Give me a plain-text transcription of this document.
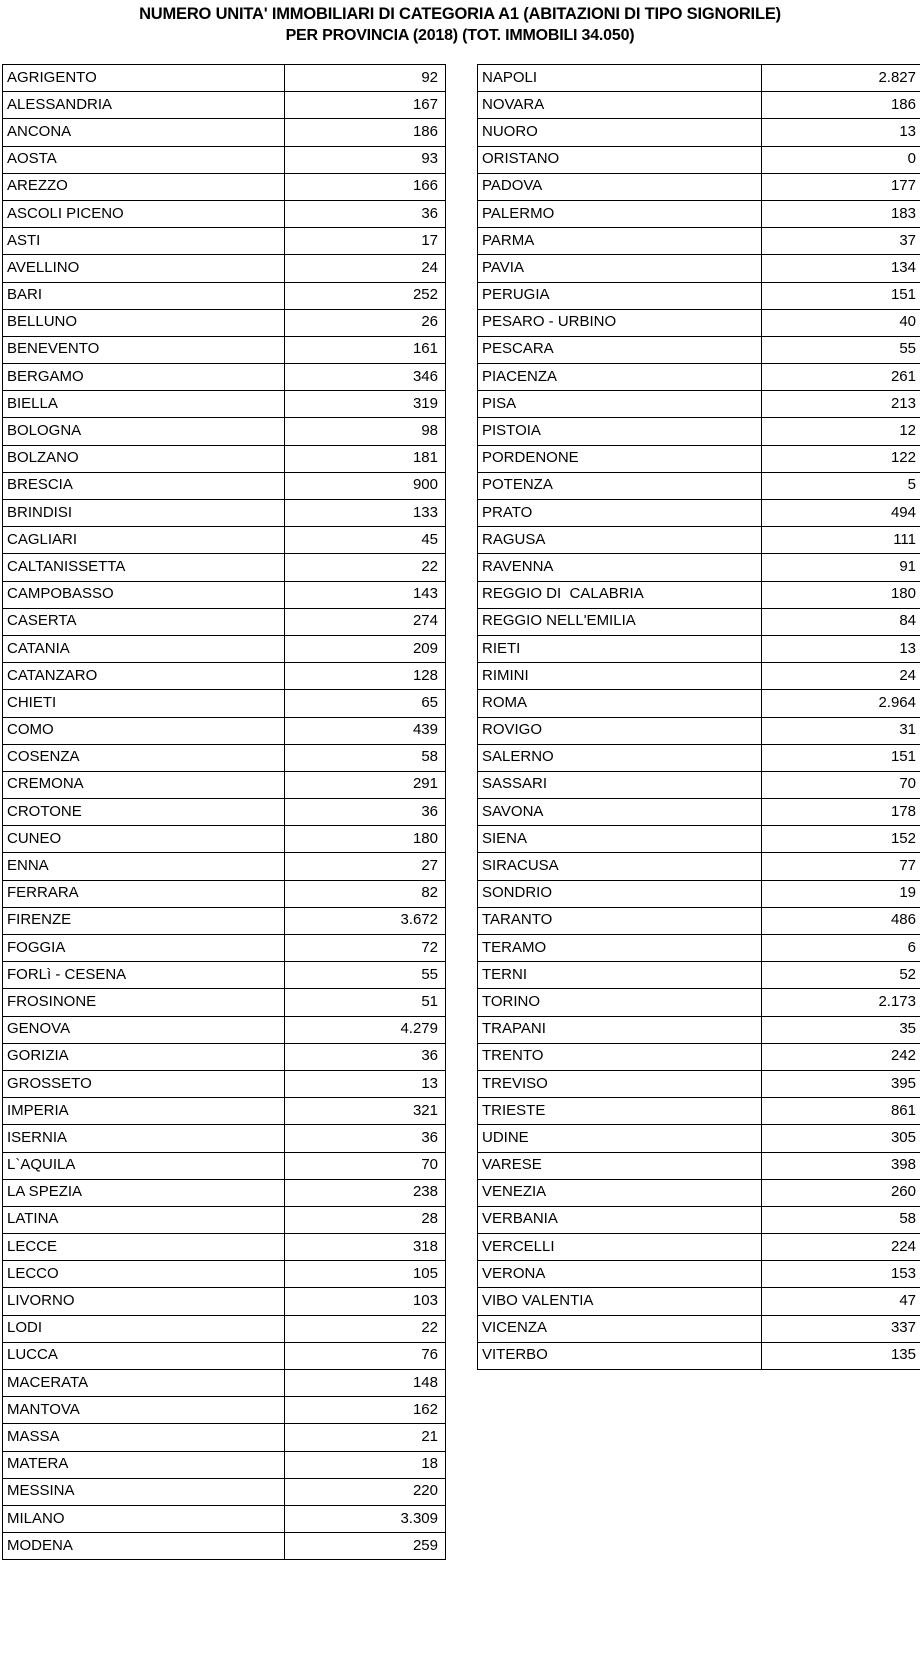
NUMERO UNITA' IMMOBILIARI DI CATEGORIA A1 (ABITAZIONI DI TIPO SIGNORILE)
PER PROVINCIA (2018) (TOT. IMMOBILI 34.050)
AGRIGENTO	92
ALESSANDRIA	167
ANCONA	186
AOSTA	93
AREZZO	166
ASCOLI PICENO	36
ASTI	17
AVELLINO	24
BARI	252
BELLUNO	26
BENEVENTO	161
BERGAMO	346
BIELLA	319
BOLOGNA	98
BOLZANO	181
BRESCIA	900
BRINDISI	133
CAGLIARI	45
CALTANISSETTA	22
CAMPOBASSO	143
CASERTA	274
CATANIA	209
CATANZARO	128
CHIETI	65
COMO	439
COSENZA	58
CREMONA	291
CROTONE	36
CUNEO	180
ENNA	27
FERRARA	82
FIRENZE	3.672
FOGGIA	72
FORLì - CESENA	55
FROSINONE	51
GENOVA	4.279
GORIZIA	36
GROSSETO	13
IMPERIA	321
ISERNIA	36
L`AQUILA	70
LA SPEZIA	238
LATINA	28
LECCE	318
LECCO	105
LIVORNO	103
LODI	22
LUCCA	76
MACERATA	148
MANTOVA	162
MASSA	21
MATERA	18
MESSINA	220
MILANO	3.309
MODENA	259
NAPOLI	2.827
NOVARA	186
NUORO	13
ORISTANO	0
PADOVA	177
PALERMO	183
PARMA	37
PAVIA	134
PERUGIA	151
PESARO - URBINO	40
PESCARA	55
PIACENZA	261
PISA	213
PISTOIA	12
PORDENONE	122
POTENZA	5
PRATO	494
RAGUSA	111
RAVENNA	91
REGGIO DI  CALABRIA	180
REGGIO NELL'EMILIA	84
RIETI	13
RIMINI	24
ROMA	2.964
ROVIGO	31
SALERNO	151
SASSARI	70
SAVONA	178
SIENA	152
SIRACUSA	77
SONDRIO	19
TARANTO	486
TERAMO	6
TERNI	52
TORINO	2.173
TRAPANI	35
TRENTO	242
TREVISO	395
TRIESTE	861
UDINE	305
VARESE	398
VENEZIA	260
VERBANIA	58
VERCELLI	224
VERONA	153
VIBO VALENTIA	47
VICENZA	337
VITERBO	135
